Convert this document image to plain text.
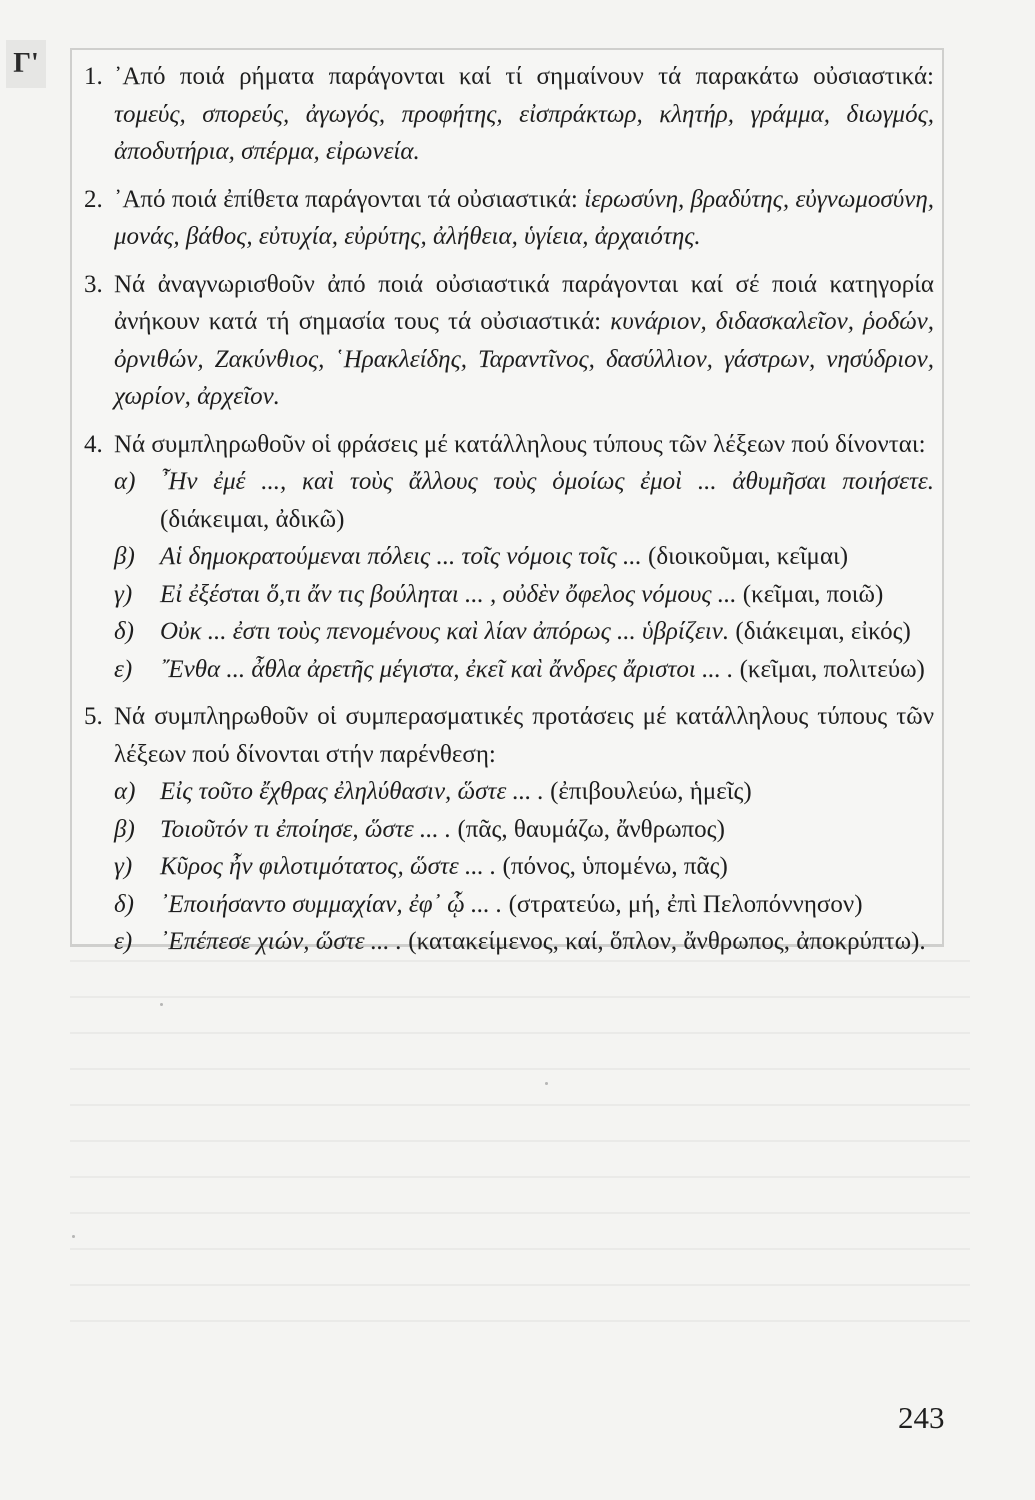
Γ' 1. ᾿Από ποιά ρήματα παράγονται καί τί σημαίνουν τά παρακάτω οὐσιαστικά: τομεύς, σπορεύς, ἀγωγός, προφήτης, εἰσπράκτωρ, κλητήρ, γράμμα, διωγμός, ἀποδυτήρια, σπέρμα, εἰρωνεία.
2. ᾿Από ποιά ἐπίθετα παράγονται τά οὐσιαστικά: ἱερωσύνη, βραδύτης, εὐγνωμοσύνη, μονάς, βάθος, εὐτυχία, εὐρύτης, ἀλήθεια, ὑγίεια, ἀρχαιότης.
3. Νά ἀναγνωρισθοῦν ἀπό ποιά οὐσιαστικά παράγονται καί σέ ποιά κατηγορία ἀνήκουν κατά τή σημασία τους τά οὐσιαστικά: κυνάριον, διδασκαλεῖον, ῥοδών, ὀρνιθών, Ζακύνθιος, ῾Ηρακλείδης, Ταραντῖνος, δασύλλιον, γάστρων, νησύδριον, χωρίον, ἀρχεῖον.
4. Νά συμπληρωθοῦν οἱ φράσεις μέ κατάλληλους τύπους τῶν λέξεων πού δίνονται:
α) ῏Ην ἐμέ ..., καὶ τοὺς ἄλλους τοὺς ὁμοίως ἐμοὶ ... ἀθυμῆσαι ποιήσετε. (διάκειμαι, ἀδικῶ)
β) Αἱ δημοκρατούμεναι πόλεις ... τοῖς νόμοις τοῖς ... (διοικοῦμαι, κεῖμαι)
γ) Εἰ ἐξέσται ὅ,τι ἄν τις βούληται ... , οὐδὲν ὄφελος νόμους ... (κεῖμαι, ποιῶ)
δ) Οὐκ ... ἐστι τοὺς πενομένους καὶ λίαν ἀπόρως ... ὑβρίζειν. (διάκειμαι, εἰκός)
ε) ῎Ενθα ... ἆθλα ἀρετῆς μέγιστα, ἐκεῖ καὶ ἄνδρες ἄριστοι ... . (κεῖμαι, πολιτεύω)
5. Νά συμπληρωθοῦν οἱ συμπερασματικές προτάσεις μέ κατάλληλους τύπους τῶν λέξεων πού δίνονται στήν παρένθεση:
α) Εἰς τοῦτο ἔχθρας ἐληλύθασιν, ὥστε ... . (ἐπιβουλεύω, ἡμεῖς)
β) Τοιοῦτόν τι ἐποίησε, ὥστε ... . (πᾶς, θαυμάζω, ἄνθρωπος)
γ) Κῦρος ἦν φιλοτιμότατος, ὥστε ... . (πόνος, ὑπομένω, πᾶς)
δ) ᾿Εποιήσαντο συμμαχίαν, ἐφ᾿ ᾧ ... . (στρατεύω, μή, ἐπὶ Πελοπόννησον)
ε) ᾿Επέπεσε χιών, ὥστε ... . (κατακείμενος, καί, ὅπλον, ἄνθρωπος, ἀποκρύπτω).
243
